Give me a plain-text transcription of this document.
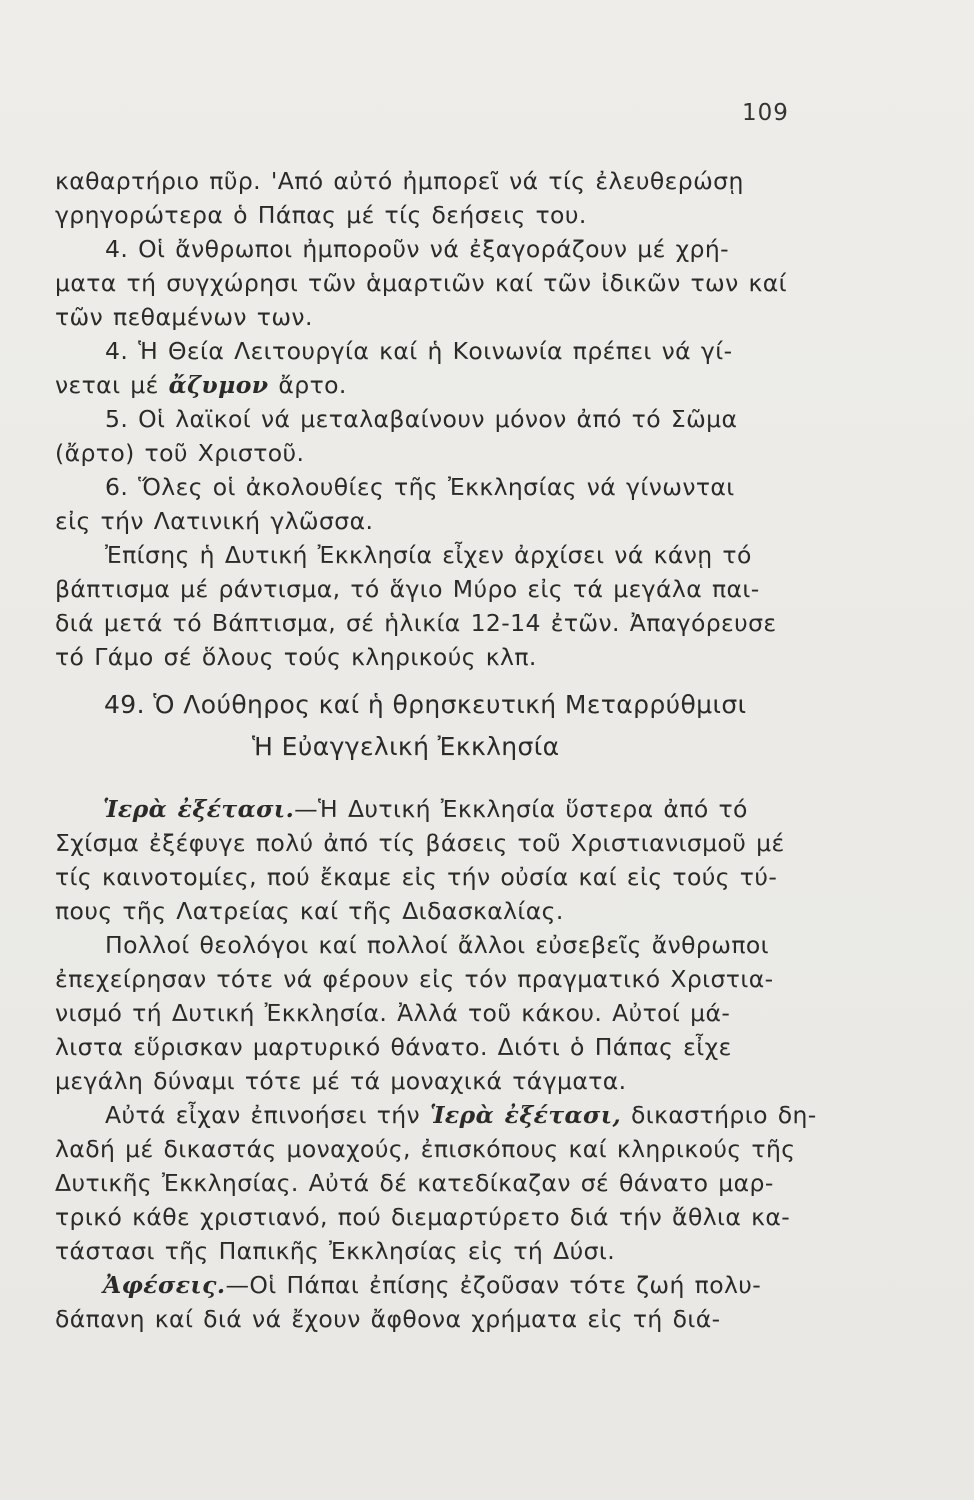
109
καθαρτήριο πῦρ. 'Από αὐτό ἠμπορεῖ νά τίς ἐλευθερώσῃ
γρηγορώτερα ὁ Πάπας μέ τίς δεήσεις του.
4. Οἱ ἄνθρωποι ἠμποροῦν νά ἐξαγοράζουν μέ χρή-
ματα τή συγχώρησι τῶν ἁμαρτιῶν καί τῶν ἰδικῶν των καί
τῶν πεθαμένων των.
4. Ἡ Θεία Λειτουργία καί ἡ Κοινωνία πρέπει νά γί-
νεται μέ ἄζυμον ἄρτο.
5. Οἱ λαϊκοί νά μεταλαβαίνουν μόνον ἀπό τό Σῶμα
(ἄρτο) τοῦ Χριστοῦ.
6. Ὅλες οἱ ἀκολουθίες τῆς Ἐκκλησίας νά γίνωνται
εἰς τήν Λατινική γλῶσσα.
Ἐπίσης ἡ Δυτική Ἐκκλησία εἶχεν ἀρχίσει νά κάνῃ τό
βάπτισμα μέ ράντισμα, τό ἅγιο Μύρο εἰς τά μεγάλα παι-
διά μετά τό Βάπτισμα, σέ ἡλικία 12-14 ἐτῶν. Ἀπαγόρευσε
τό Γάμο σέ ὅλους τούς κληρικούς κλπ.
49. Ὁ Λούθηρος καί ἡ θρησκευτική Μεταρρύθμισι
Ἡ Εὐαγγελική Ἐκκλησία
Ἱερὰ ἐξέτασι.—Ἡ Δυτική Ἐκκλησία ὕστερα ἀπό τό
Σχίσμα ἐξέφυγε πολύ ἀπό τίς βάσεις τοῦ Χριστιανισμοῦ μέ
τίς καινοτομίες, πού ἔκαμε εἰς τήν οὐσία καί εἰς τούς τύ-
πους τῆς Λατρείας καί τῆς Διδασκαλίας.
Πολλοί θεολόγοι καί πολλοί ἄλλοι εὐσεβεῖς ἄνθρωποι
ἐπεχείρησαν τότε νά φέρουν εἰς τόν πραγματικό Χριστια-
νισμό τή Δυτική Ἐκκλησία. Ἀλλά τοῦ κάκου. Αὐτοί μά-
λιστα εὕρισκαν μαρτυρικό θάνατο. Διότι ὁ Πάπας εἶχε
μεγάλη δύναμι τότε μέ τά μοναχικά τάγματα.
Αὐτά εἶχαν ἐπινοήσει τήν Ἱερὰ ἐξέτασι, δικαστήριο δη-
λαδή μέ δικαστάς μοναχούς, ἐπισκόπους καί κληρικούς τῆς
Δυτικῆς Ἐκκλησίας. Αὐτά δέ κατεδίκαζαν σέ θάνατο μαρ-
τρικό κάθε χριστιανό, πού διεμαρτύρετο διά τήν ἄθλια κα-
τάστασι τῆς Παπικῆς Ἐκκλησίας εἰς τή Δύσι.
Ἀφέσεις.—Οἱ Πάπαι ἐπίσης ἐζοῦσαν τότε ζωή πολυ-
δάπανη καί διά νά ἔχουν ἄφθονα χρήματα εἰς τή διά-
